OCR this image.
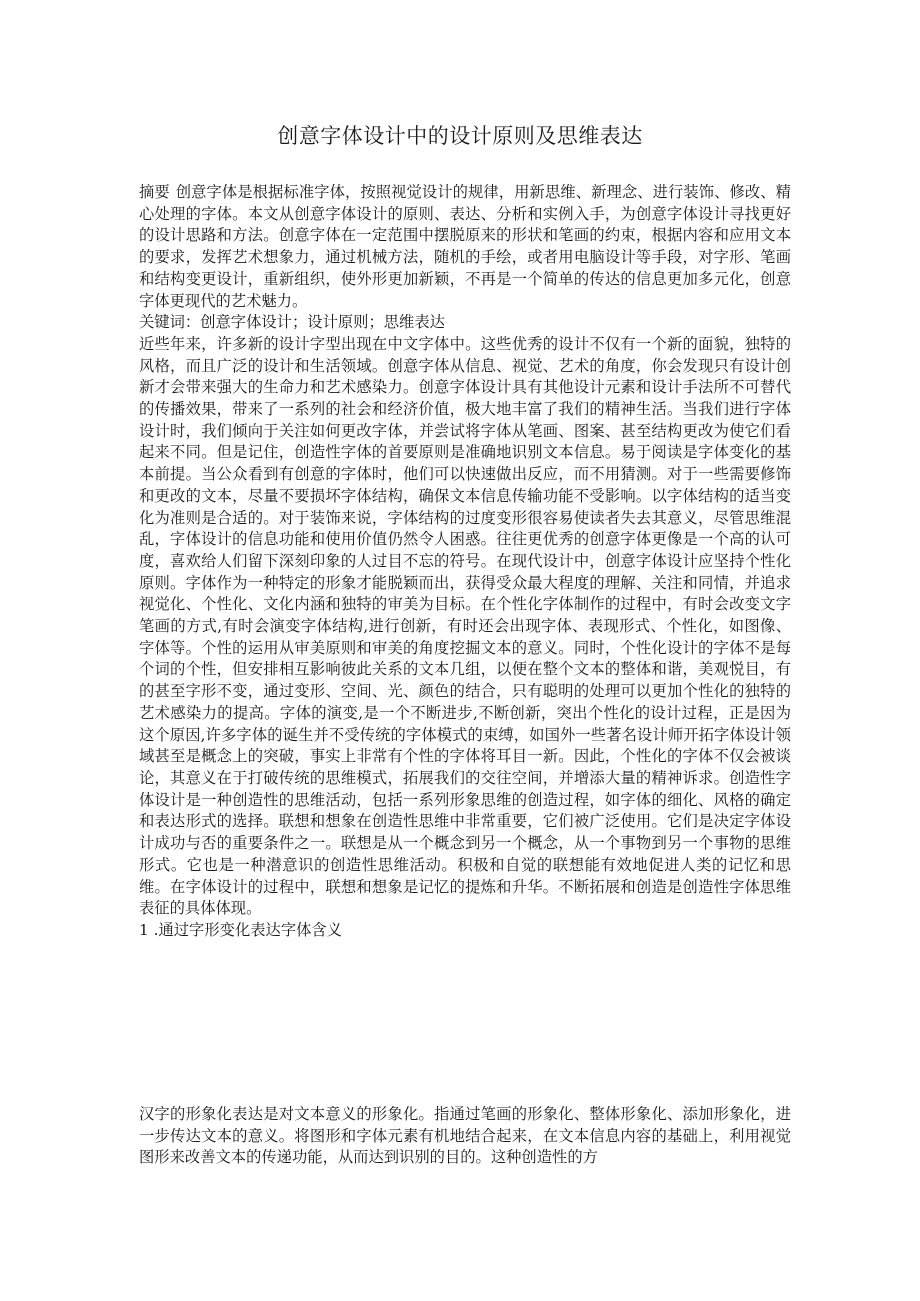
创意字体设计中的设计原则及思维表达

摘要 创意字体是根据标准字体，按照视觉设计的规律，用新思维、新理念、进行装饰、修改、精心处理的字体。本文从创意字体设计的原则、表达、分析和实例入手，为创意字体设计寻找更好的设计思路和方法。创意字体在一定范围中摆脱原来的形状和笔画的约束，根据内容和应用文本的要求，发挥艺术想象力，通过机械方法，随机的手绘，或者用电脑设计等手段，对字形、笔画和结构变更设计，重新组织，使外形更加新颖，不再是一个简单的传达的信息更加多元化，创意字体更现代的艺术魅力。

关键词：创意字体设计；设计原则；思维表达

近些年来，许多新的设计字型出现在中文字体中。这些优秀的设计不仅有一个新的面貌，独特的风格，而且广泛的设计和生活领域。创意字体从信息、视觉、艺术的角度，你会发现只有设计创新才会带来强大的生命力和艺术感染力。创意字体设计具有其他设计元素和设计手法所不可替代的传播效果，带来了一系列的社会和经济价值，极大地丰富了我们的精神生活。当我们进行字体设计时，我们倾向于关注如何更改字体，并尝试将字体从笔画、图案、甚至结构更改为使它们看起来不同。但是记住，创造性字体的首要原则是准确地识别文本信息。易于阅读是字体变化的基本前提。当公众看到有创意的字体时，他们可以快速做出反应，而不用猜测。对于一些需要修饰和更改的文本，尽量不要损坏字体结构，确保文本信息传输功能不受影响。以字体结构的适当变化为准则是合适的。对于装饰来说，字体结构的过度变形很容易使读者失去其意义，尽管思维混乱，字体设计的信息功能和使用价值仍然令人困惑。往往更优秀的创意字体更像是一个高的认可度，喜欢给人们留下深刻印象的人过目不忘的符号。在现代设计中，创意字体设计应坚持个性化原则。字体作为一种特定的形象才能脱颖而出，获得受众最大程度的理解、关注和同情，并追求视觉化、个性化、文化内涵和独特的审美为目标。在个性化字体制作的过程中，有时会改变文字笔画的方式,有时会演变字体结构,进行创新，有时还会出现字体、表现形式、个性化，如图像、字体等。个性的运用从审美原则和审美的角度挖掘文本的意义。同时，个性化设计的字体不是每个词的个性，但安排相互影响彼此关系的文本几组，以便在整个文本的整体和谐，美观悦目，有的甚至字形不变，通过变形、空间、光、颜色的结合，只有聪明的处理可以更加个性化的独特的艺术感染力的提高。字体的演变,是一个不断进步,不断创新，突出个性化的设计过程，正是因为这个原因,许多字体的诞生并不受传统的字体模式的束缚，如国外一些著名设计师开拓字体设计领域甚至是概念上的突破，事实上非常有个性的字体将耳目一新。因此，个性化的字体不仅会被谈论，其意义在于打破传统的思维模式，拓展我们的交往空间，并增添大量的精神诉求。创造性字体设计是一种创造性的思维活动，包括一系列形象思维的创造过程，如字体的细化、风格的确定和表达形式的选择。联想和想象在创造性思维中非常重要，它们被广泛使用。它们是决定字体设计成功与否的重要条件之一。联想是从一个概念到另一个概念，从一个事物到另一个事物的思维形式。它也是一种潜意识的创造性思维活动。积极和自觉的联想能有效地促进人类的记忆和思维。在字体设计的过程中，联想和想象是记忆的提炼和升华。不断拓展和创造是创造性字体思维表征的具体体现。

1 .通过字形变化表达字体含义

汉字的形象化表达是对文本意义的形象化。指通过笔画的形象化、整体形象化、添加形象化，进一步传达文本的意义。将图形和字体元素有机地结合起来，在文本信息内容的基础上，利用视觉图形来改善文本的传递功能，从而达到识别的目的。这种创造性的方
